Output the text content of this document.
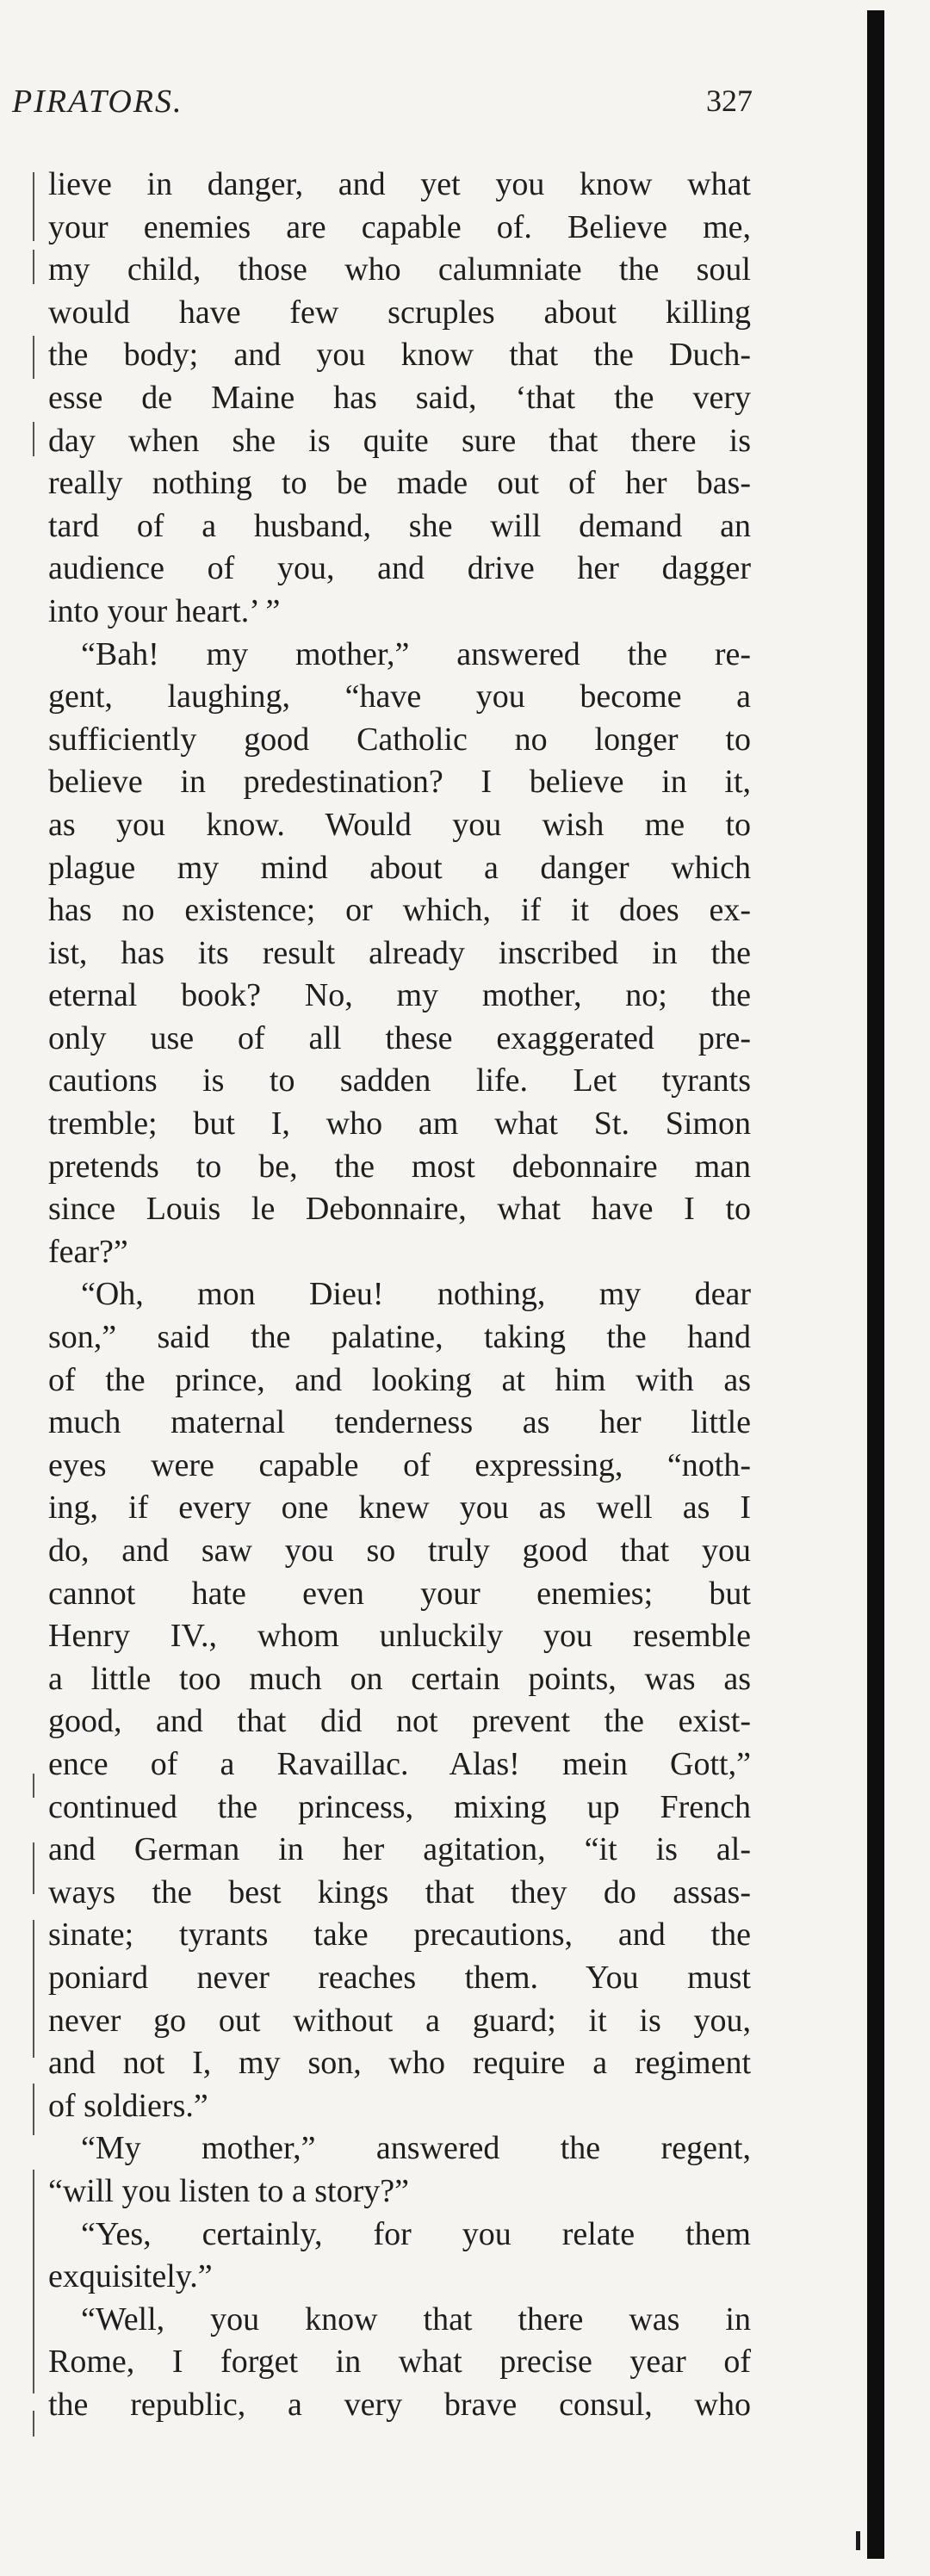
PIRATORS.	327
lieve in danger, and yet you know what
your enemies are capable of. Believe me,
my child, those who calumniate the soul
would have few scruples about killing
the body; and you know that the Duch-
esse de Maine has said, ‘that the very
day when she is quite sure that there is
really nothing to be made out of her bas-
tard of a husband, she will demand an
audience of you, and drive her dagger
into your heart.’ ”
“Bah! my mother,” answered the re-
gent, laughing, “have you become a
sufficiently good Catholic no longer to
believe in predestination? I believe in it,
as you know. Would you wish me to
plague my mind about a danger which
has no existence; or which, if it does ex-
ist, has its result already inscribed in the
eternal book? No, my mother, no; the
only use of all these exaggerated pre-
cautions is to sadden life. Let tyrants
tremble; but I, who am what St. Simon
pretends to be, the most debonnaire man
since Louis le Debonnaire, what have I to
fear?”
“Oh, mon Dieu! nothing, my dear
son,” said the palatine, taking the hand
of the prince, and looking at him with as
much maternal tenderness as her little
eyes were capable of expressing, “noth-
ing, if every one knew you as well as I
do, and saw you so truly good that you
cannot hate even your enemies; but
Henry IV., whom unluckily you resemble
a little too much on certain points, was as
good, and that did not prevent the exist-
ence of a Ravaillac. Alas! mein Gott,”
continued the princess, mixing up French
and German in her agitation, “it is al-
ways the best kings that they do assas-
sinate; tyrants take precautions, and the
poniard never reaches them. You must
never go out without a guard; it is you,
and not I, my son, who require a regiment
of soldiers.”
“My mother,” answered the regent,
“will you listen to a story?”
“Yes, certainly, for you relate them
exquisitely.”
“Well, you know that there was in
Rome, I forget in what precise year of
the republic, a very brave consul, who
